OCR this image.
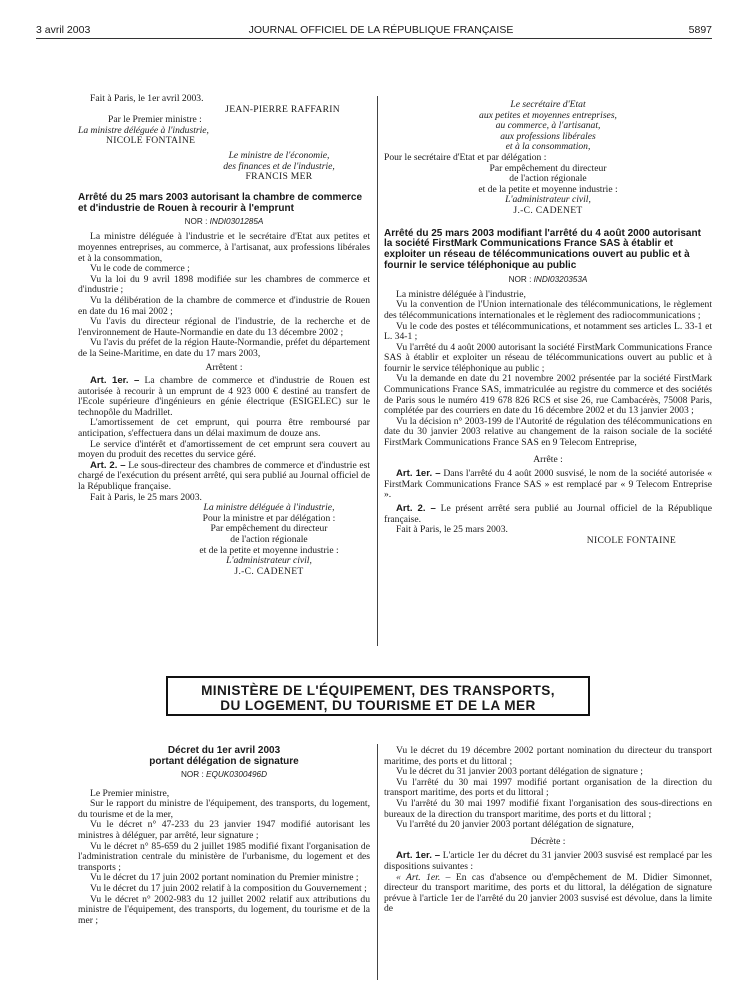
3 avril 2003	JOURNAL OFFICIEL DE LA RÉPUBLIQUE FRANÇAISE	5897

Fait à Paris, le 1er avril 2003.

JEAN-PIERRE RAFFARIN

Par le Premier ministre :

La ministre déléguée à l'industrie,

NICOLE FONTAINE

Le ministre de l'économie,

des finances et de l'industrie,

FRANCIS MER

Arrêté du 25 mars 2003 autorisant la chambre de commerce et d'industrie de Rouen à recourir à l'emprunt

NOR : INDI0301285A

La ministre déléguée à l'industrie et le secrétaire d'Etat aux petites et moyennes entreprises, au commerce, à l'artisanat, aux professions libérales et à la consommation,

Vu le code de commerce ;

Vu la loi du 9 avril 1898 modifiée sur les chambres de commerce et d'industrie ;

Vu la délibération de la chambre de commerce et d'industrie de Rouen en date du 16 mai 2002 ;

Vu l'avis du directeur régional de l'industrie, de la recherche et de l'environnement de Haute-Normandie en date du 13 décembre 2002 ;

Vu l'avis du préfet de la région Haute-Normandie, préfet du département de la Seine-Maritime, en date du 17 mars 2003,

Arrêtent :

Art. 1er. – La chambre de commerce et d'industrie de Rouen est autorisée à recourir à un emprunt de 4 923 000 € destiné au transfert de l'Ecole supérieure d'ingénieurs en génie électrique (ESIGELEC) sur le technopôle du Madrillet.

L'amortissement de cet emprunt, qui pourra être remboursé par anticipation, s'effectuera dans un délai maximum de douze ans.

Le service d'intérêt et d'amortissement de cet emprunt sera couvert au moyen du produit des recettes du service géré.

Art. 2. – Le sous-directeur des chambres de commerce et d'industrie est chargé de l'exécution du présent arrêté, qui sera publié au Journal officiel de la République française.

Fait à Paris, le 25 mars 2003.

La ministre déléguée à l'industrie,

Pour la ministre et par délégation :

Par empêchement du directeur

de l'action régionale

et de la petite et moyenne industrie :

L'administrateur civil,

J.-C. CADENET

Le secrétaire d'Etat

aux petites et moyennes entreprises,

au commerce, à l'artisanat,

aux professions libérales

et à la consommation,

Pour le secrétaire d'Etat et par délégation :

Par empêchement du directeur

de l'action régionale

et de la petite et moyenne industrie :

L'administrateur civil,

J.-C. CADENET

Arrêté du 25 mars 2003 modifiant l'arrêté du 4 août 2000 autorisant la société FirstMark Communications France SAS à établir et exploiter un réseau de télécommunications ouvert au public et à fournir le service téléphonique au public

NOR : INDI0320353A

La ministre déléguée à l'industrie,

Vu la convention de l'Union internationale des télécommunications, le règlement des télécommunications internationales et le règlement des radiocommunications ;

Vu le code des postes et télécommunications, et notamment ses articles L. 33-1 et L. 34-1 ;

Vu l'arrêté du 4 août 2000 autorisant la société FirstMark Communications France SAS à établir et exploiter un réseau de télécommunications ouvert au public et à fournir le service téléphonique au public ;

Vu la demande en date du 21 novembre 2002 présentée par la société FirstMark Communications France SAS, immatriculée au registre du commerce et des sociétés de Paris sous le numéro 419 678 826 RCS et sise 26, rue Cambacérès, 75008 Paris, complétée par des courriers en date du 16 décembre 2002 et du 13 janvier 2003 ;

Vu la décision n° 2003-199 de l'Autorité de régulation des télécommunications en date du 30 janvier 2003 relative au changement de la raison sociale de la société FirstMark Communications France SAS en 9 Telecom Entreprise,

Arrête :

Art. 1er. – Dans l'arrêté du 4 août 2000 susvisé, le nom de la société autorisée « FirstMark Communications France SAS » est remplacé par « 9 Telecom Entreprise ».

Art. 2. – Le présent arrêté sera publié au Journal officiel de la République française.

Fait à Paris, le 25 mars 2003.

NICOLE FONTAINE

MINISTÈRE DE L'ÉQUIPEMENT, DES TRANSPORTS,
DU LOGEMENT, DU TOURISME ET DE LA MER

Décret du 1er avril 2003

portant délégation de signature

NOR : EQUK0300496D

Le Premier ministre,

Sur le rapport du ministre de l'équipement, des transports, du logement, du tourisme et de la mer,

Vu le décret n° 47-233 du 23 janvier 1947 modifié autorisant les ministres à déléguer, par arrêté, leur signature ;

Vu le décret n° 85-659 du 2 juillet 1985 modifié fixant l'organisation de l'administration centrale du ministère de l'urbanisme, du logement et des transports ;

Vu le décret du 17 juin 2002 portant nomination du Premier ministre ;

Vu le décret du 17 juin 2002 relatif à la composition du Gouvernement ;

Vu le décret n° 2002-983 du 12 juillet 2002 relatif aux attributions du ministre de l'équipement, des transports, du logement, du tourisme et de la mer ;

Vu le décret du 19 décembre 2002 portant nomination du directeur du transport maritime, des ports et du littoral ;

Vu le décret du 31 janvier 2003 portant délégation de signature ;

Vu l'arrêté du 30 mai 1997 modifié portant organisation de la direction du transport maritime, des ports et du littoral ;

Vu l'arrêté du 30 mai 1997 modifié fixant l'organisation des sous-directions en bureaux de la direction du transport maritime, des ports et du littoral ;

Vu l'arrêté du 20 janvier 2003 portant délégation de signature,

Décrète :

Art. 1er. – L'article 1er du décret du 31 janvier 2003 susvisé est remplacé par les dispositions suivantes :

« Art. 1er. – En cas d'absence ou d'empêchement de M. Didier Simonnet, directeur du transport maritime, des ports et du littoral, la délégation de signature prévue à l'article 1er de l'arrêté du 20 janvier 2003 susvisé est dévolue, dans la limite de
